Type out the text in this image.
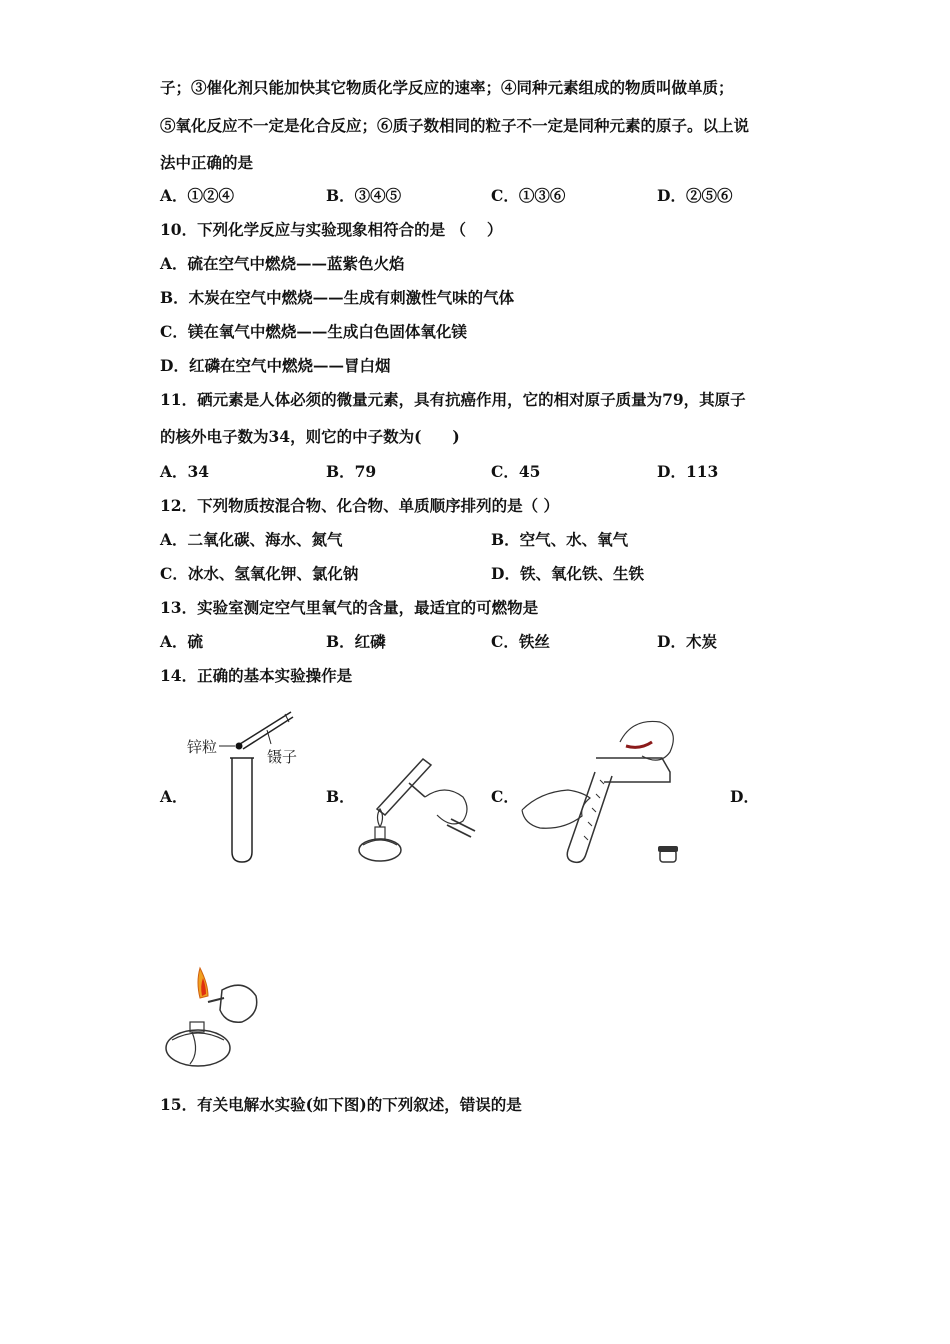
子；③催化剂只能加快其它物质化学反应的速率；④同种元素组成的物质叫做单质；
⑤氧化反应不一定是化合反应；⑥质子数相同的粒子不一定是同种元素的原子。以上说
法中正确的是
A．①②④	B．③④⑤	C．①③⑥	D．②⑤⑥
10．下列化学反应与实验现象相符合的是 （　 ）
A．硫在空气中燃烧——蓝紫色火焰
B．木炭在空气中燃烧——生成有刺激性气味的气体
C．镁在氧气中燃烧——生成白色固体氧化镁
D．红磷在空气中燃烧——冒白烟
11．硒元素是人体必须的微量元素，具有抗癌作用，它的相对原子质量为79，其原子
的核外电子数为34，则它的中子数为(　　)
A．34	B．79	C．45	D．113
12．下列物质按混合物、化合物、单质顺序排列的是（ ）
A．二氧化碳、海水、氮气	B．空气、水、氧气
C．冰水、氢氧化钾、氯化钠	D．铁、氧化铁、生铁
13．实验室测定空气里氧气的含量，最适宜的可燃物是
A．硫	B．红磷	C．铁丝	D．木炭
14．正确的基本实验操作是
A．	B．	C．	D．
锌粒
镊子
15．有关电解水实验(如下图)的下列叙述，错误的是
